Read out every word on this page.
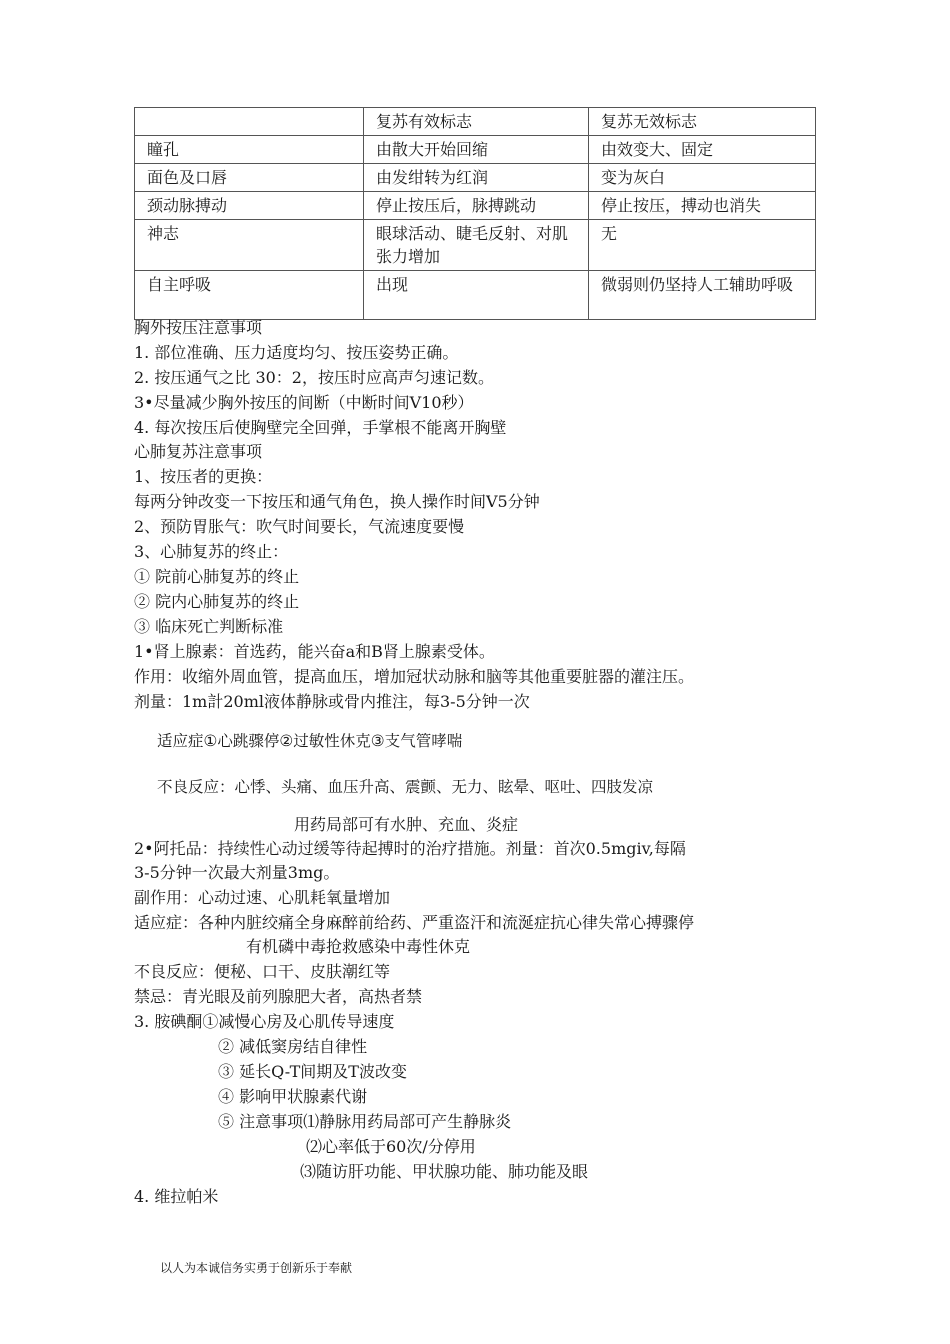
	复苏有效标志	复苏无效标志
瞳孔	由散大开始回缩	由效变大、固定
面色及口唇	由发绀转为红润	变为灰白
颈动脉搏动	停止按压后，脉搏跳动	停止按压，搏动也消失
神志	眼球活动、睫毛反射、对肌张力增加	无
自主呼吸	出现	微弱则仍坚持人工辅助呼吸
胸外按压注意事项
1. 部位准确、压力适度均匀、按压姿势正确。
2. 按压通气之比 30：2，按压时应高声匀速记数。
3•尽量减少胸外按压的间断（中断时间V10秒）
4. 每次按压后使胸壁完全回弹，手掌根不能离开胸壁
心肺复苏注意事项
1、按压者的更换：
每两分钟改变一下按压和通气角色，换人操作时间V5分钟
2、预防胃胀气：吹气时间要长，气流速度要慢
3、心肺复苏的终止：
① 院前心肺复苏的终止
② 院内心肺复苏的终止
③ 临床死亡判断标准
1•肾上腺素：首选药，能兴奋a和B肾上腺素受体。
作用：收缩外周血管，提高血压，增加冠状动脉和脑等其他重要脏器的灌注压。
剂量：1m計20ml液体静脉或骨内推注，每3-5分钟一次
适应症①心跳骤停②过敏性休克③支气管哮喘
不良反应：心悸、头痛、血压升高、震颤、无力、眩晕、呕吐、四肢发凉
用药局部可有水肿、充血、炎症
2•阿托品：持续性心动过缓等待起搏时的治疗措施。剂量：首次0.5mgiv,每隔
3-5分钟一次最大剂量3mg。
副作用：心动过速、心肌耗氧量增加
适应症：各种内脏绞痛全身麻醉前给药、严重盗汗和流涎症抗心律失常心搏骤停
有机磷中毒抢救感染中毒性休克
不良反应：便秘、口干、皮肤潮红等
禁忌：青光眼及前列腺肥大者，高热者禁
3. 胺碘酮①减慢心房及心肌传导速度
② 减低窦房结自律性
③ 延长Q-T间期及T波改变
④ 影响甲状腺素代谢
⑤ 注意事项⑴静脉用药局部可产生静脉炎
⑵心率低于60次/分停用
⑶随访肝功能、甲状腺功能、肺功能及眼
4. 维拉帕米
以人为本诚信务实勇于创新乐于奉献
